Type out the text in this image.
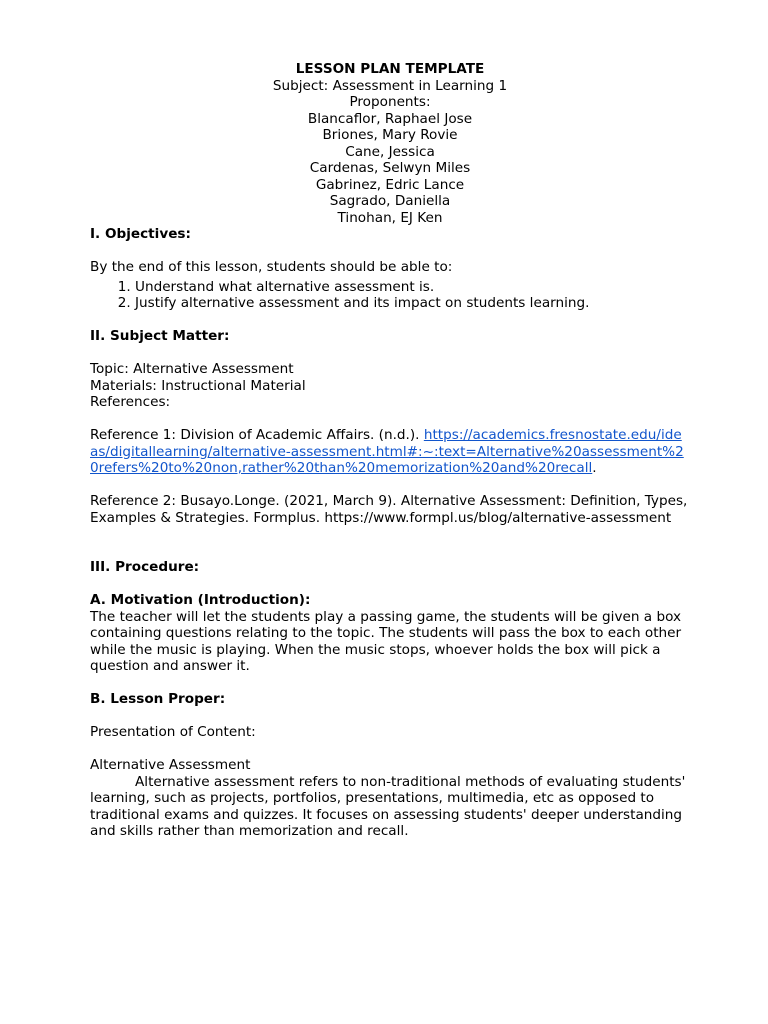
LESSON PLAN TEMPLATE
Subject: Assessment in Learning 1
Proponents:
Blancaflor, Raphael Jose
Briones, Mary Rovie
Cane, Jessica
Cardenas, Selwyn Miles
Gabrinez, Edric Lance
Sagrado, Daniella
Tinohan, EJ Ken
I. Objectives:
By the end of this lesson, students should be able to:
1. Understand what alternative assessment is.
2. Justify alternative assessment and its impact on students learning.
II. Subject Matter:
Topic: Alternative Assessment
Materials: Instructional Material
References:

Reference 1: Division of Academic Affairs. (n.d.). https://academics.fresnostate.edu/ideas/digitallearning/alternative-assessment.html#:~:text=Alternative%20assessment%20refers%20to%20non,rather%20than%20memorization%20and%20recall.

Reference 2: Busayo.Longe. (2021, March 9). Alternative Assessment: Definition, Types, Examples & Strategies. Formplus. https://www.formpl.us/blog/alternative-assessment

III. Procedure:
A. Motivation (Introduction):

The teacher will let the students play a passing game, the students will be given a box containing questions relating to the topic. The students will pass the box to each other while the music is playing. When the music stops, whoever holds the box will pick a question and answer it.

B. Lesson Proper:
Presentation of Content:
Alternative Assessment

Alternative assessment refers to non-traditional methods of evaluating students' learning, such as projects, portfolios, presentations, multimedia, etc as opposed to traditional exams and quizzes. It focuses on assessing students' deeper understanding and skills rather than memorization and recall.
